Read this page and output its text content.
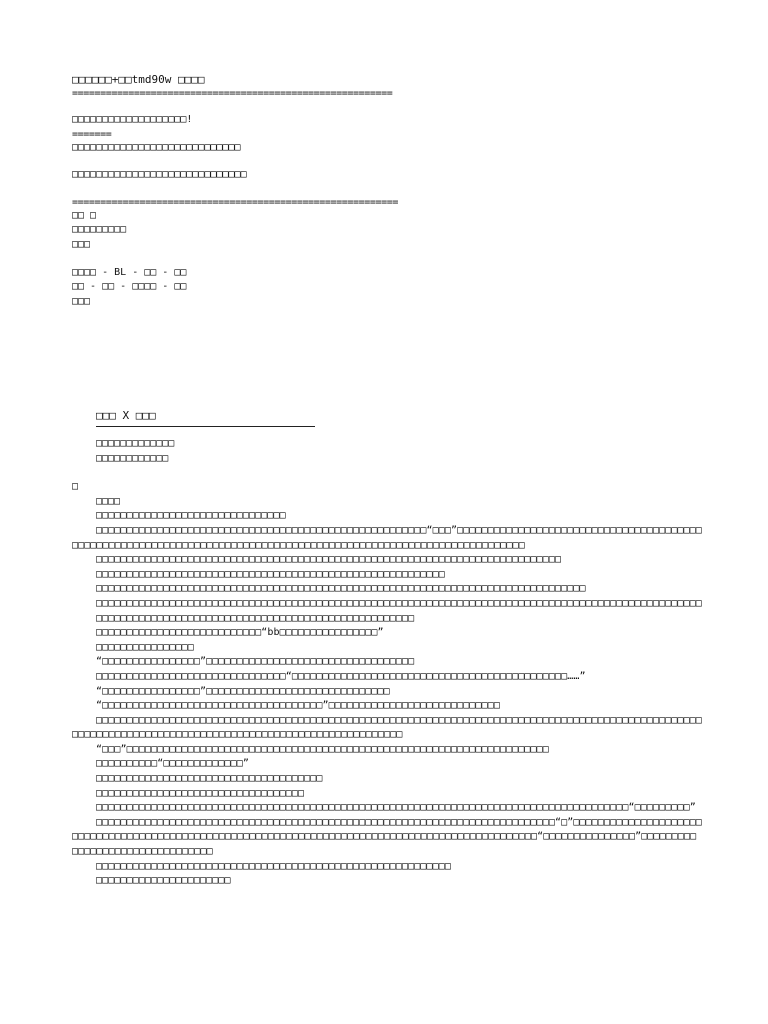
□□□□□□+□□tmd90w □□□□
=========================================================
□□□□□□□□□□□□□□□□□□□!
=======
□□□□□□□□□□□□□□□□□□□□□□□□□□□□
□□□□□□□□□□□□□□□□□□□□□□□□□□□□□
==========================================================
□□ □
□□□□□□□□□
□□□
□□□□ - BL - □□ - □□
□□ - □□ - □□□□ - □□
□□□
□□□ X □□□
□□□□□□□□□□□□□
□□□□□□□□□□□□
□
□□□□
□□□□□□□□□□□□□□□□□□□□□□□□□□□□□□□
□□□□□□□□□□□□□□□□□□□□□□□□□□□□□□□□□□□□□□□□□□□□□□□□□□□□□□“□□□”□□□□□□□□□□□□□□□□□□□□□□□□□□□□□□□□□□□□□□□□□□□□□□□□□□□□□□□□□□□□□□□□□□□□□□□□□□□□□□□□□□□□□□□□□□□□□□□□□□□□□□□□□□□□□□□□□□
□□□□□□□□□□□□□□□□□□□□□□□□□□□□□□□□□□□□□□□□□□□□□□□□□□□□□□□□□□□□□□□□□□□□□□□□□□□□
□□□□□□□□□□□□□□□□□□□□□□□□□□□□□□□□□□□□□□□□□□□□□□□□□□□□□□□□□
□□□□□□□□□□□□□□□□□□□□□□□□□□□□□□□□□□□□□□□□□□□□□□□□□□□□□□□□□□□□□□□□□□□□□□□□□□□□□□□□
□□□□□□□□□□□□□□□□□□□□□□□□□□□□□□□□□□□□□□□□□□□□□□□□□□□□□□□□□□□□□□□□□□□□□□□□□□□□□□□□□□□□□□□□□□□□□□□□□□□
□□□□□□□□□□□□□□□□□□□□□□□□□□□□□□□□□□□□□□□□□□□□□□□□□□□□
□□□□□□□□□□□□□□□□□□□□□□□□□□□“bb□□□□□□□□□□□□□□□□”
□□□□□□□□□□□□□□□□
“□□□□□□□□□□□□□□□□”□□□□□□□□□□□□□□□□□□□□□□□□□□□□□□□□□□
□□□□□□□□□□□□□□□□□□□□□□□□□□□□□□□“□□□□□□□□□□□□□□□□□□□□□□□□□□□□□□□□□□□□□□□□□□□□□……”
“□□□□□□□□□□□□□□□□”□□□□□□□□□□□□□□□□□□□□□□□□□□□□□□
“□□□□□□□□□□□□□□□□□□□□□□□□□□□□□□□□□□□□”□□□□□□□□□□□□□□□□□□□□□□□□□□□□
□□□□□□□□□□□□□□□□□□□□□□□□□□□□□□□□□□□□□□□□□□□□□□□□□□□□□□□□□□□□□□□□□□□□□□□□□□□□□□□□□□□□□□□□□□□□□□□□□□□□□□□□□□□□□□□□□□□□□□□□□□□□□□□□□□□□□□□□□□□□□□□□□□□□□□□□□
“□□□”□□□□□□□□□□□□□□□□□□□□□□□□□□□□□□□□□□□□□□□□□□□□□□□□□□□□□□□□□□□□□□□□□□□□□
□□□□□□□□□□“□□□□□□□□□□□□□”
□□□□□□□□□□□□□□□□□□□□□□□□□□□□□□□□□□□□□
□□□□□□□□□□□□□□□□□□□□□□□□□□□□□□□□□□
□□□□□□□□□□□□□□□□□□□□□□□□□□□□□□□□□□□□□□□□□□□□□□□□□□□□□□□□□□□□□□□□□□□□□□□□□□□□□□□□□□□□□□□“□□□□□□□□□”
□□□□□□□□□□□□□□□□□□□□□□□□□□□□□□□□□□□□□□□□□□□□□□□□□□□□□□□□□□□□□□□□□□□□□□□□□□□“□”□□□□□□□□□□□□□□□□□□□□□□□□□□□□□□□□□□□□□□□□□□□□□□□□□□□□□□□□□□□□□□□□□□□□□□□□□□□□□□□□□□□□□□□□□□□□□□□□□“□□□□□□□□□□□□□□□”□□□□□□□□□□□□□□□□□□□□□□□□□□□□□□□□
□□□□□□□□□□□□□□□□□□□□□□□□□□□□□□□□□□□□□□□□□□□□□□□□□□□□□□□□□□
□□□□□□□□□□□□□□□□□□□□□□
